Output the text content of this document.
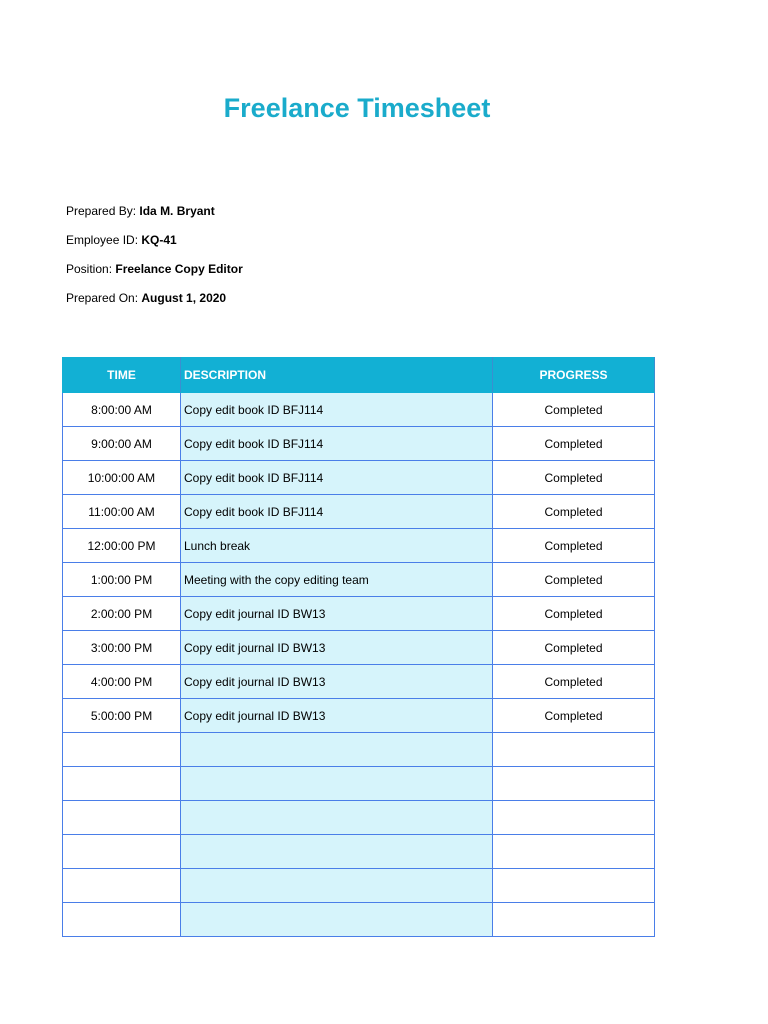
Freelance Timesheet
Prepared By: Ida M. Bryant
Employee ID: KQ-41
Position: Freelance Copy Editor
Prepared On: August 1, 2020
TIME	DESCRIPTION	PROGRESS
8:00:00 AM	Copy edit book ID BFJ114	Completed
9:00:00 AM	Copy edit book ID BFJ114	Completed
10:00:00 AM	Copy edit book ID BFJ114	Completed
11:00:00 AM	Copy edit book ID BFJ114	Completed
12:00:00 PM	Lunch break	Completed
1:00:00 PM	Meeting with the copy editing team	Completed
2:00:00 PM	Copy edit journal ID BW13	Completed
3:00:00 PM	Copy edit journal ID BW13	Completed
4:00:00 PM	Copy edit journal ID BW13	Completed
5:00:00 PM	Copy edit journal ID BW13	Completed
